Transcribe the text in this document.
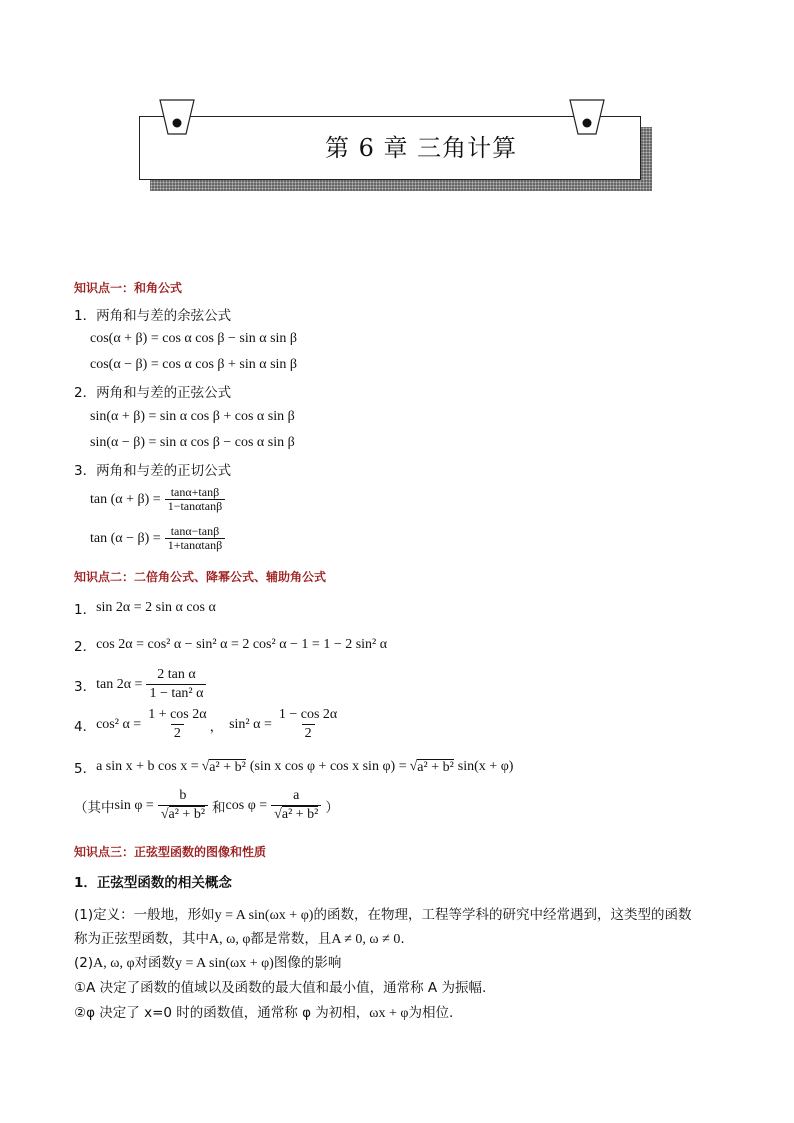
第 6 章 三角计算
知识点一：和角公式
1．两角和与差的余弦公式
cos(α + β) = cos α cos β − sin α sin β
cos(α − β) = cos α cos β + sin α sin β
2．两角和与差的正弦公式
sin(α + β) = sin α cos β + cos α sin β
sin(α − β) = sin α cos β − cos α sin β
3．两角和与差的正切公式
$\tan (\alpha + \beta) = \frac{\tan\alpha+\tan\beta}{1-\tan\alpha\tan\beta}$
$\tan (\alpha - \beta) = \frac{\tan\alpha-\tan\beta}{1+\tan\alpha\tan\beta}$
知识点二：二倍角公式、降幂公式、辅助角公式
1． sin 2α = 2 sin α cos α
2． cos 2α = cos² α − sin² α = 2 cos² α − 1 = 1 − 2 sin² α
3． $\tan 2\alpha = \frac{\text{2 tan α}}{\text{1 − tan² α}}$
4． cos² $\alpha = \frac{1 + \cos 2\alpha}{2}$ ， sin² $\alpha = \frac{1 - \cos 2\alpha}{2}$
5． a sin x + b cos x = √ a² + b² (sin x cos φ + cos x sin φ) = √ a² + b² sin(x + φ)
（其中 $\sin \varphi = \frac{b}{\text{√a² + b²}}$ 和 $\cos \varphi = \frac{a}{\text{√a² + b²}}$ ）
知识点三：正弦型函数的图像和性质
1．正弦型函数的相关概念
(1)定义：一般地，形如y = A sin(ωx + φ)的函数，在物理，工程等学科的研究中经常遇到，这类型的函数
称为正弦型函数，其中A, ω, φ都是常数，且A ≠ 0, ω ≠ 0.
(2)A, ω, φ对函数y = A sin(ωx + φ)图像的影响
①A 决定了函数的值域以及函数的最大值和最小值，通常称 A 为振幅.
②φ 决定了 x=0 时的函数值，通常称 φ 为初相，ωx + φ为相位.
